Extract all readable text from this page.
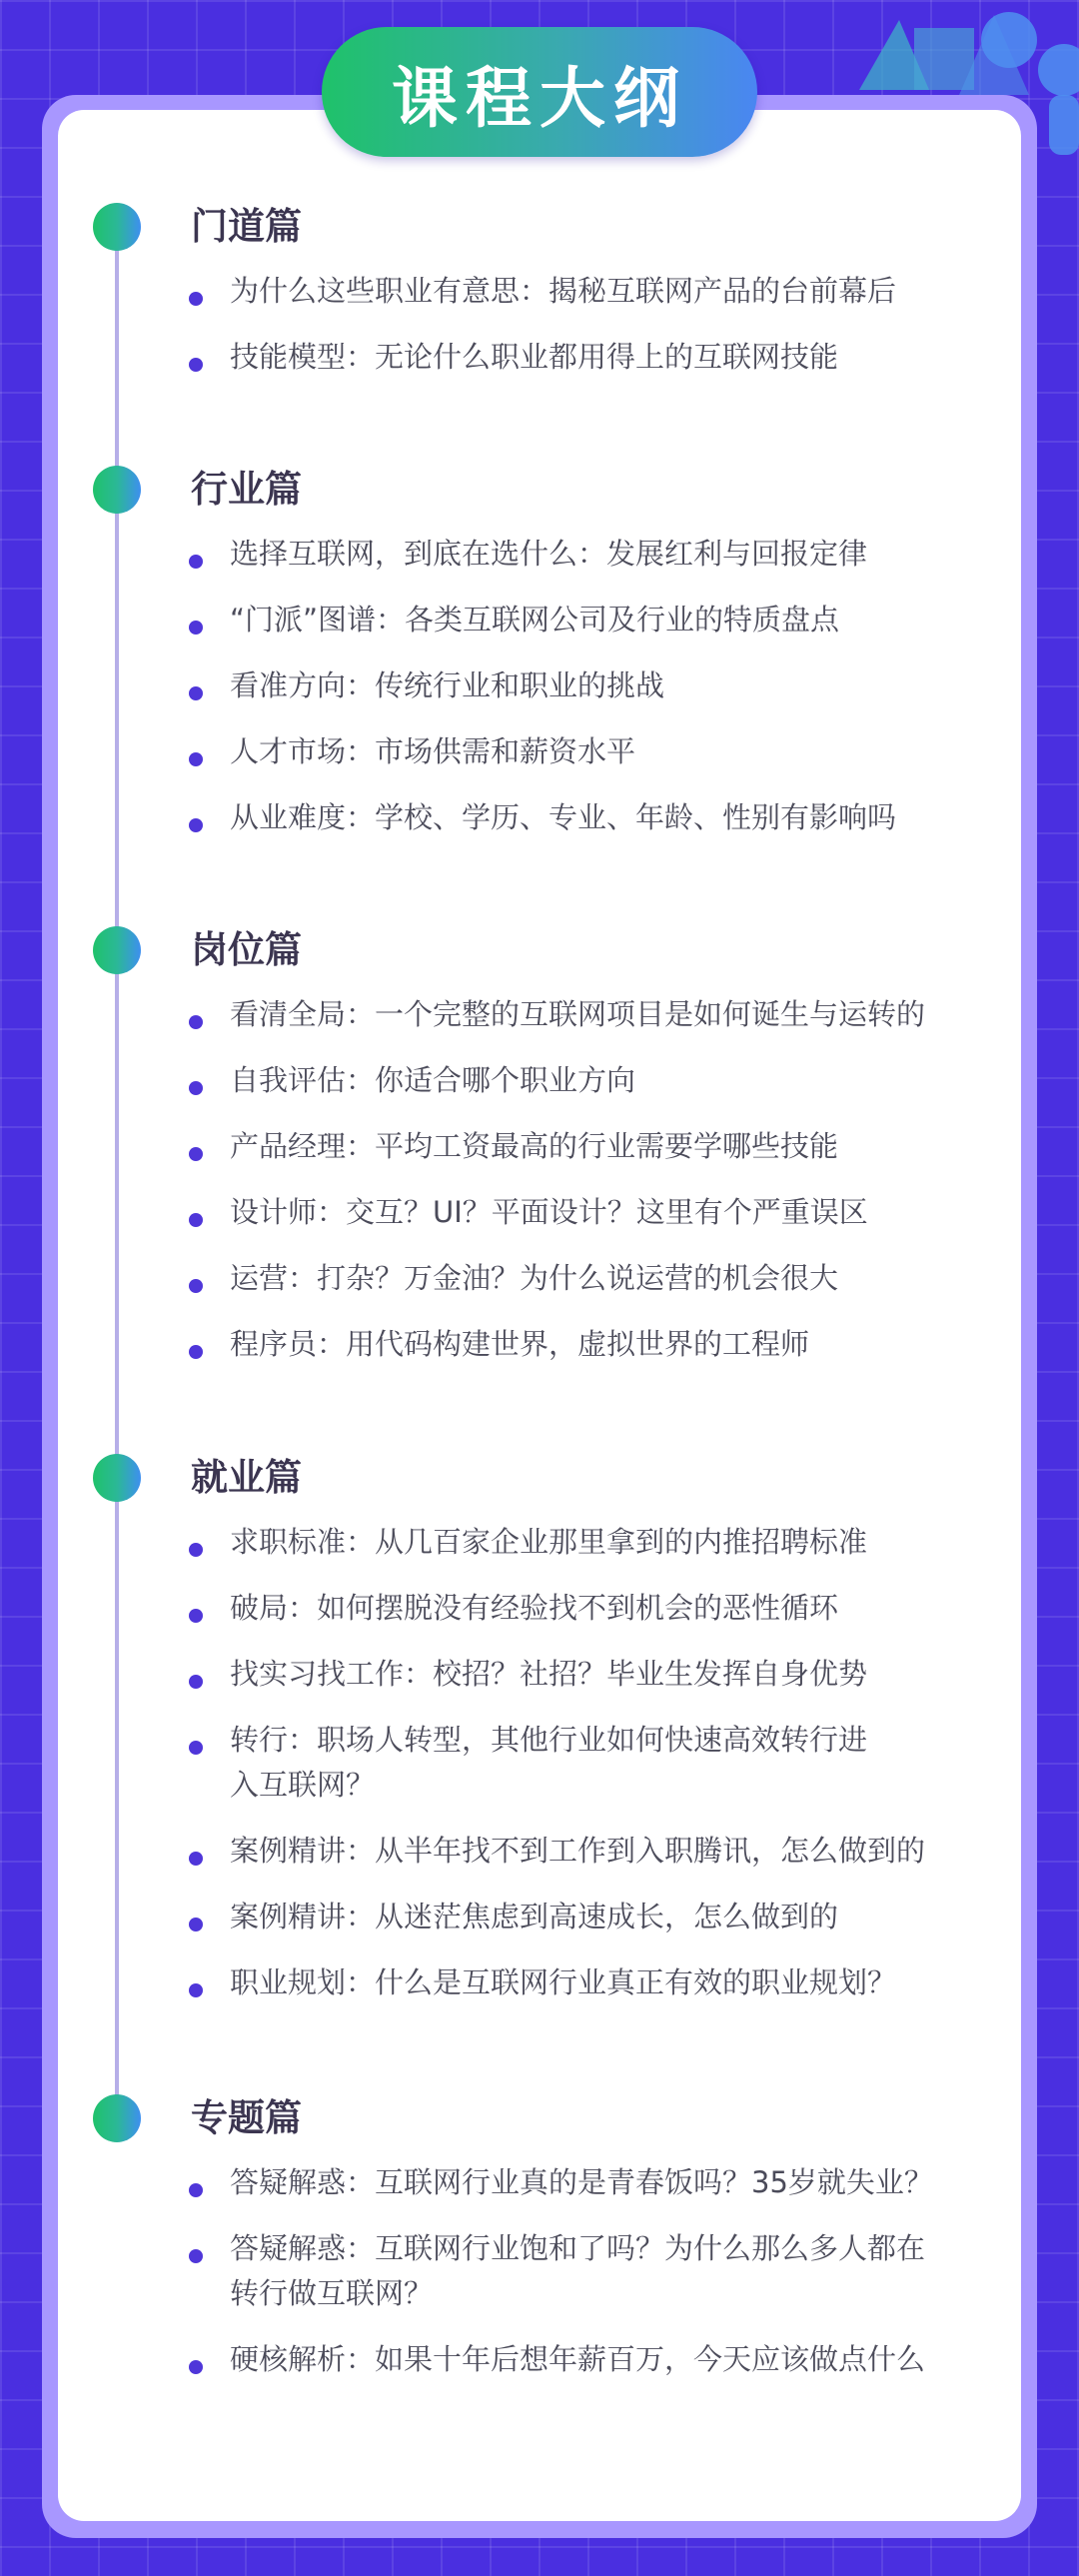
课程大纲
门道篇
为什么这些职业有意思：揭秘互联网产品的台前幕后
技能模型：无论什么职业都用得上的互联网技能
行业篇
选择互联网，到底在选什么：发展红利与回报定律
“门派”图谱：各类互联网公司及行业的特质盘点
看准方向：传统行业和职业的挑战
人才市场：市场供需和薪资水平
从业难度：学校、学历、专业、年龄、性别有影响吗
岗位篇
看清全局：一个完整的互联网项目是如何诞生与运转的
自我评估：你适合哪个职业方向
产品经理：平均工资最高的行业需要学哪些技能
设计师：交互？UI？平面设计？这里有个严重误区
运营：打杂？万金油？为什么说运营的机会很大
程序员：用代码构建世界，虚拟世界的工程师
就业篇
求职标准：从几百家企业那里拿到的内推招聘标准
破局：如何摆脱没有经验找不到机会的恶性循环
找实习找工作：校招？社招？毕业生发挥自身优势
转行：职场人转型，其他行业如何快速高效转行进入互联网？
案例精讲：从半年找不到工作到入职腾讯，怎么做到的
案例精讲：从迷茫焦虑到高速成长，怎么做到的
职业规划：什么是互联网行业真正有效的职业规划？
专题篇
答疑解惑：互联网行业真的是青春饭吗？35岁就失业？
答疑解惑：互联网行业饱和了吗？为什么那么多人都在转行做互联网？
硬核解析：如果十年后想年薪百万，今天应该做点什么
